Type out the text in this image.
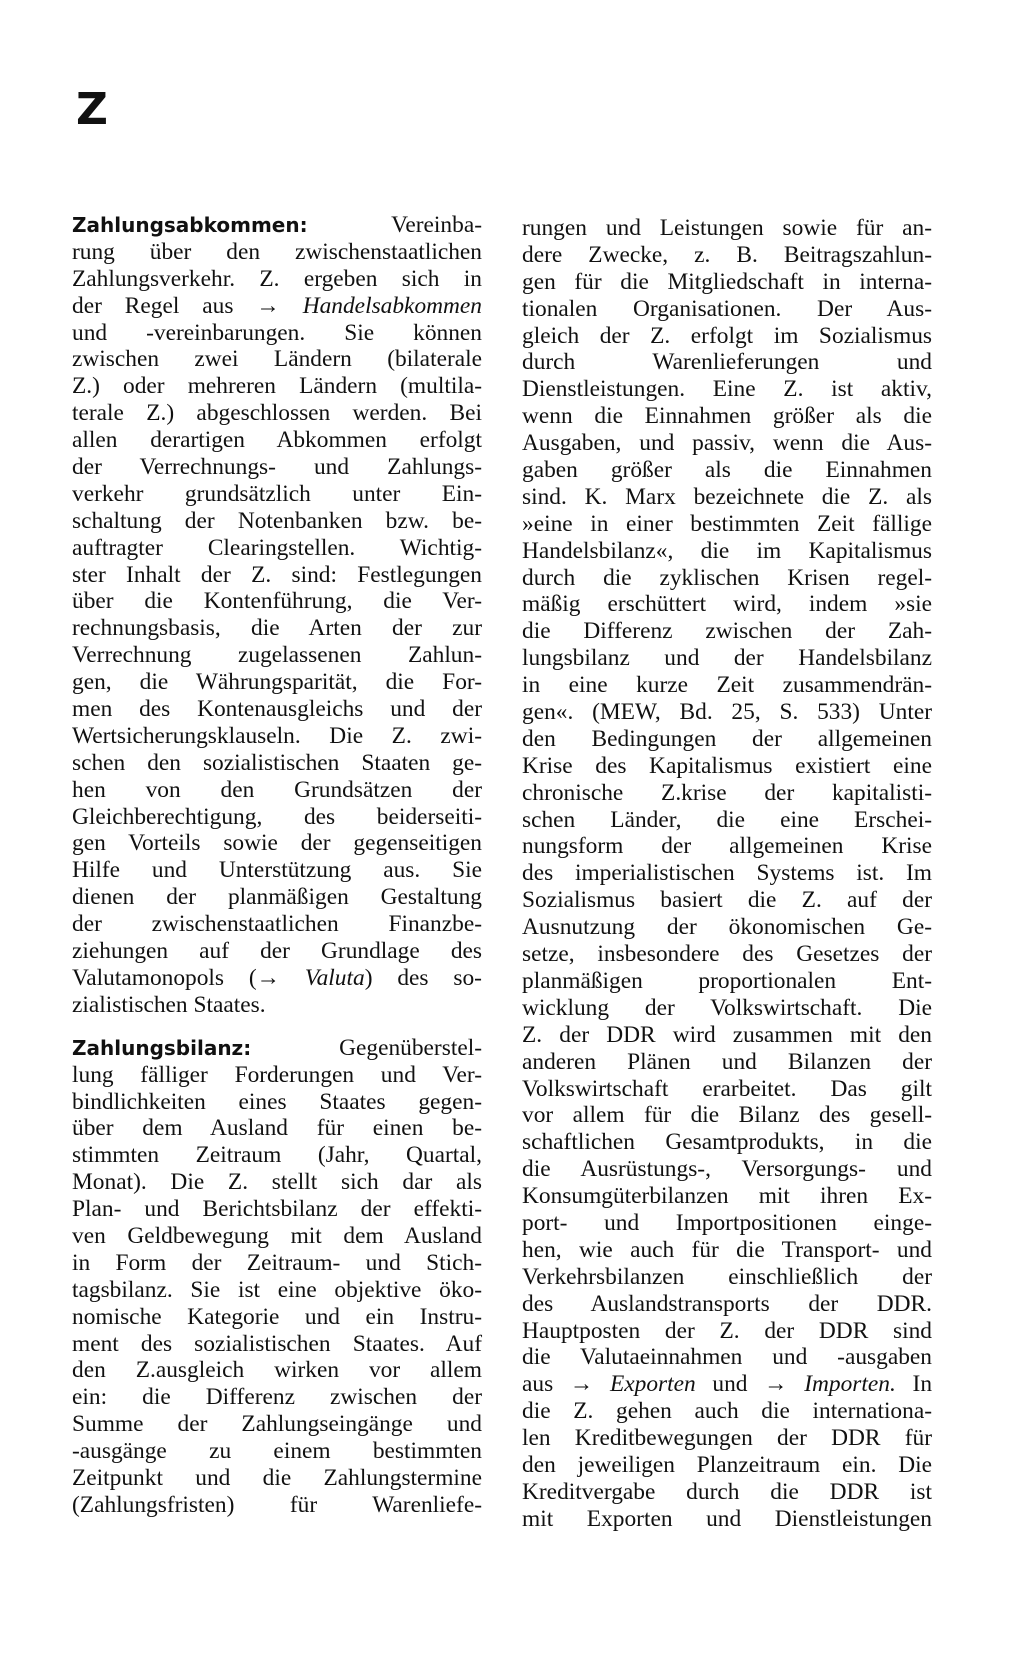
Z
Zahlungsabkommen: Vereinba-
rung über den zwischenstaatlichen
Zahlungsverkehr. Z. ergeben sich in
der Regel aus → Handelsabkommen
und -vereinbarungen. Sie können
zwischen zwei Ländern (bilaterale
Z.) oder mehreren Ländern (multila-
terale Z.) abgeschlossen werden. Bei
allen derartigen Abkommen erfolgt
der Verrechnungs- und Zahlungs-
verkehr grundsätzlich unter Ein-
schaltung der Notenbanken bzw. be-
auftragter Clearingstellen. Wichtig-
ster Inhalt der Z. sind: Festlegungen
über die Kontenführung, die Ver-
rechnungsbasis, die Arten der zur
Verrechnung zugelassenen Zahlun-
gen, die Währungsparität, die For-
men des Kontenausgleichs und der
Wertsicherungsklauseln. Die Z. zwi-
schen den sozialistischen Staaten ge-
hen von den Grundsätzen der
Gleichberechtigung, des beiderseiti-
gen Vorteils sowie der gegenseitigen
Hilfe und Unterstützung aus. Sie
dienen der planmäßigen Gestaltung
der zwischenstaatlichen Finanzbe-
ziehungen auf der Grundlage des
Valutamonopols (→ Valuta) des so-
zialistischen Staates.
Zahlungsbilanz: Gegenüberstel-
lung fälliger Forderungen und Ver-
bindlichkeiten eines Staates gegen-
über dem Ausland für einen be-
stimmten Zeitraum (Jahr, Quartal,
Monat). Die Z. stellt sich dar als
Plan- und Berichtsbilanz der effekti-
ven Geldbewegung mit dem Ausland
in Form der Zeitraum- und Stich-
tagsbilanz. Sie ist eine objektive öko-
nomische Kategorie und ein Instru-
ment des sozialistischen Staates. Auf
den Z.ausgleich wirken vor allem
ein: die Differenz zwischen der
Summe der Zahlungseingänge und
-ausgänge zu einem bestimmten
Zeitpunkt und die Zahlungstermine
(Zahlungsfristen) für Warenliefe-
rungen und Leistungen sowie für an-
dere Zwecke, z. B. Beitragszahlun-
gen für die Mitgliedschaft in interna-
tionalen Organisationen. Der Aus-
gleich der Z. erfolgt im Sozialismus
durch Warenlieferungen und
Dienstleistungen. Eine Z. ist aktiv,
wenn die Einnahmen größer als die
Ausgaben, und passiv, wenn die Aus-
gaben größer als die Einnahmen
sind. K. Marx bezeichnete die Z. als
»eine in einer bestimmten Zeit fällige
Handelsbilanz«, die im Kapitalismus
durch die zyklischen Krisen regel-
mäßig erschüttert wird, indem »sie
die Differenz zwischen der Zah-
lungsbilanz und der Handelsbilanz
in eine kurze Zeit zusammendrän-
gen«. (MEW, Bd. 25, S. 533) Unter
den Bedingungen der allgemeinen
Krise des Kapitalismus existiert eine
chronische Z.krise der kapitalisti-
schen Länder, die eine Erschei-
nungsform der allgemeinen Krise
des imperialistischen Systems ist. Im
Sozialismus basiert die Z. auf der
Ausnutzung der ökonomischen Ge-
setze, insbesondere des Gesetzes der
planmäßigen proportionalen Ent-
wicklung der Volkswirtschaft. Die
Z. der DDR wird zusammen mit den
anderen Plänen und Bilanzen der
Volkswirtschaft erarbeitet. Das gilt
vor allem für die Bilanz des gesell-
schaftlichen Gesamtprodukts, in die
die Ausrüstungs-, Versorgungs- und
Konsumgüterbilanzen mit ihren Ex-
port- und Importpositionen einge-
hen, wie auch für die Transport- und
Verkehrsbilanzen einschließlich der
des Auslandstransports der DDR.
Hauptposten der Z. der DDR sind
die Valutaeinnahmen und -ausgaben
aus → Exporten und → Importen. In
die Z. gehen auch die internationa-
len Kreditbewegungen der DDR für
den jeweiligen Planzeitraum ein. Die
Kreditvergabe durch die DDR ist
mit Exporten und Dienstleistungen
